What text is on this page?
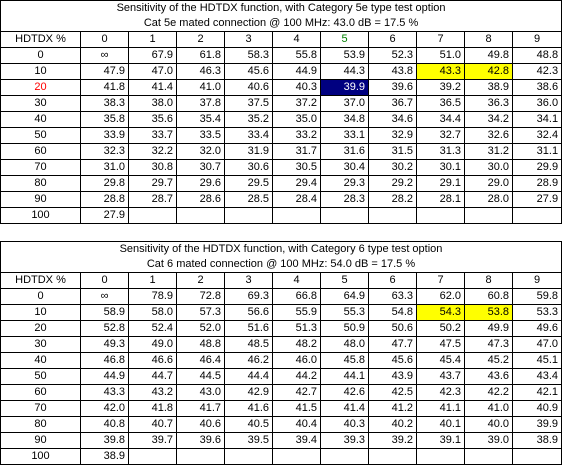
Sensitivity of the HDTDX function, with Category 5e type test option										
Cat 5e mated connection @ 100 MHz: 43.0 dB = 17.5 %										
HDTDX %	0	1	2	3	4	5	6	7	8	9
0	∞	67.9	61.8	58.3	55.8	53.9	52.3	51.0	49.8	48.8
10	47.9	47.0	46.3	45.6	44.9	44.3	43.8	43.3	42.8	42.3
20	41.8	41.4	41.0	40.6	40.3	39.9	39.6	39.2	38.9	38.6
30	38.3	38.0	37.8	37.5	37.2	37.0	36.7	36.5	36.3	36.0
40	35.8	35.6	35.4	35.2	35.0	34.8	34.6	34.4	34.2	34.1
50	33.9	33.7	33.5	33.4	33.2	33.1	32.9	32.7	32.6	32.4
60	32.3	32.2	32.0	31.9	31.7	31.6	31.5	31.3	31.2	31.1
70	31.0	30.8	30.7	30.6	30.5	30.4	30.2	30.1	30.0	29.9
80	29.8	29.7	29.6	29.5	29.4	29.3	29.2	29.1	29.0	28.9
90	28.8	28.7	28.6	28.5	28.4	28.3	28.2	28.1	28.0	27.9
100	27.9									
Sensitivity of the HDTDX function, with Category 6 type test option										
Cat 6 mated connection @ 100 MHz: 54.0 dB = 17.5 %										
HDTDX %	0	1	2	3	4	5	6	7	8	9
0	∞	78.9	72.8	69.3	66.8	64.9	63.3	62.0	60.8	59.8
10	58.9	58.0	57.3	56.6	55.9	55.3	54.8	54.3	53.8	53.3
20	52.8	52.4	52.0	51.6	51.3	50.9	50.6	50.2	49.9	49.6
30	49.3	49.0	48.8	48.5	48.2	48.0	47.7	47.5	47.3	47.0
40	46.8	46.6	46.4	46.2	46.0	45.8	45.6	45.4	45.2	45.1
50	44.9	44.7	44.5	44.4	44.2	44.1	43.9	43.7	43.6	43.4
60	43.3	43.2	43.0	42.9	42.7	42.6	42.5	42.3	42.2	42.1
70	42.0	41.8	41.7	41.6	41.5	41.4	41.2	41.1	41.0	40.9
80	40.8	40.7	40.6	40.5	40.4	40.3	40.2	40.1	40.0	39.9
90	39.8	39.7	39.6	39.5	39.4	39.3	39.2	39.1	39.0	38.9
100	38.9									
